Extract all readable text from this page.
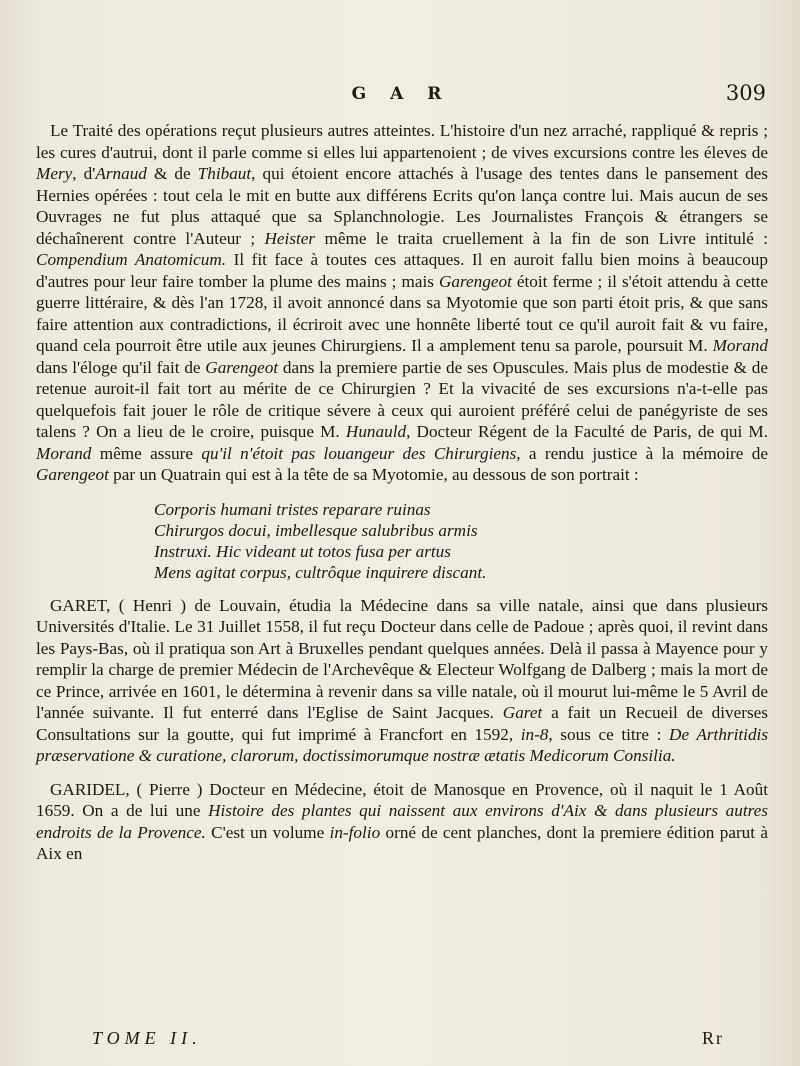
G A R	309

Le Traité des opérations reçut plusieurs autres atteintes. L'histoire d'un nez arraché, rappliqué & repris ; les cures d'autrui, dont il parle comme si elles lui appartenoient ; de vives excursions contre les éleves de Mery, d'Arnaud & de Thibaut, qui étoient encore attachés à l'usage des tentes dans le pansement des Hernies opérées : tout cela le mit en butte aux différens Ecrits qu'on lança contre lui. Mais aucun de ses Ouvrages ne fut plus attaqué que sa Splanchnologie. Les Journalistes François & étrangers se déchaînerent contre l'Auteur ; Heister même le traita cruellement à la fin de son Livre intitulé : Compendium Anatomicum. Il fit face à toutes ces attaques. Il en auroit fallu bien moins à beaucoup d'autres pour leur faire tomber la plume des mains ; mais Garengeot étoit ferme ; il s'étoit attendu à cette guerre littéraire, & dès l'an 1728, il avoit annoncé dans sa Myotomie que son parti étoit pris, & que sans faire attention aux contradictions, il écriroit avec une honnête liberté tout ce qu'il auroit fait & vu faire, quand cela pourroit être utile aux jeunes Chirurgiens. Il a amplement tenu sa parole, poursuit M. Morand dans l'éloge qu'il fait de Garengeot dans la premiere partie de ses Opuscules. Mais plus de modestie & de retenue auroit-il fait tort au mérite de ce Chirurgien ? Et la vivacité de ses excursions n'a-t-elle pas quelquefois fait jouer le rôle de critique sévere à ceux qui auroient préféré celui de panégyriste de ses talens ? On a lieu de le croire, puisque M. Hunauld, Docteur Régent de la Faculté de Paris, de qui M. Morand même assure qu'il n'étoit pas louangeur des Chirurgiens, a rendu justice à la mémoire de Garengeot par un Quatrain qui est à la tête de sa Myotomie, au dessous de son portrait :

Corporis humani tristes reparare ruinas
Chirurgos docui, imbellesque salubribus armis
Instruxi. Hic videant ut totos fusa per artus
Mens agitat corpus, cultrôque inquirere discant.

GARET, ( Henri ) de Louvain, étudia la Médecine dans sa ville natale, ainsi que dans plusieurs Universités d'Italie. Le 31 Juillet 1558, il fut reçu Docteur dans celle de Padoue ; après quoi, il revint dans les Pays-Bas, où il pratiqua son Art à Bruxelles pendant quelques années. Delà il passa à Mayence pour y remplir la charge de premier Médecin de l'Archevêque & Electeur Wolfgang de Dalberg ; mais la mort de ce Prince, arrivée en 1601, le détermina à revenir dans sa ville natale, où il mourut lui-même le 5 Avril de l'année suivante. Il fut enterré dans l'Eglise de Saint Jacques. Garet a fait un Recueil de diverses Consultations sur la goutte, qui fut imprimé à Francfort en 1592, in-8, sous ce titre : De Arthritidis præservatione & curatione, clarorum, doctissimorumque nostræ ætatis Medicorum Consilia.

GARIDEL, ( Pierre ) Docteur en Médecine, étoit de Manosque en Provence, où il naquit le 1 Août 1659. On a de lui une Histoire des plantes qui naissent aux environs d'Aix & dans plusieurs autres endroits de la Provence. C'est un volume in-folio orné de cent planches, dont la premiere édition parut à Aix en

TOME II.	Rr
